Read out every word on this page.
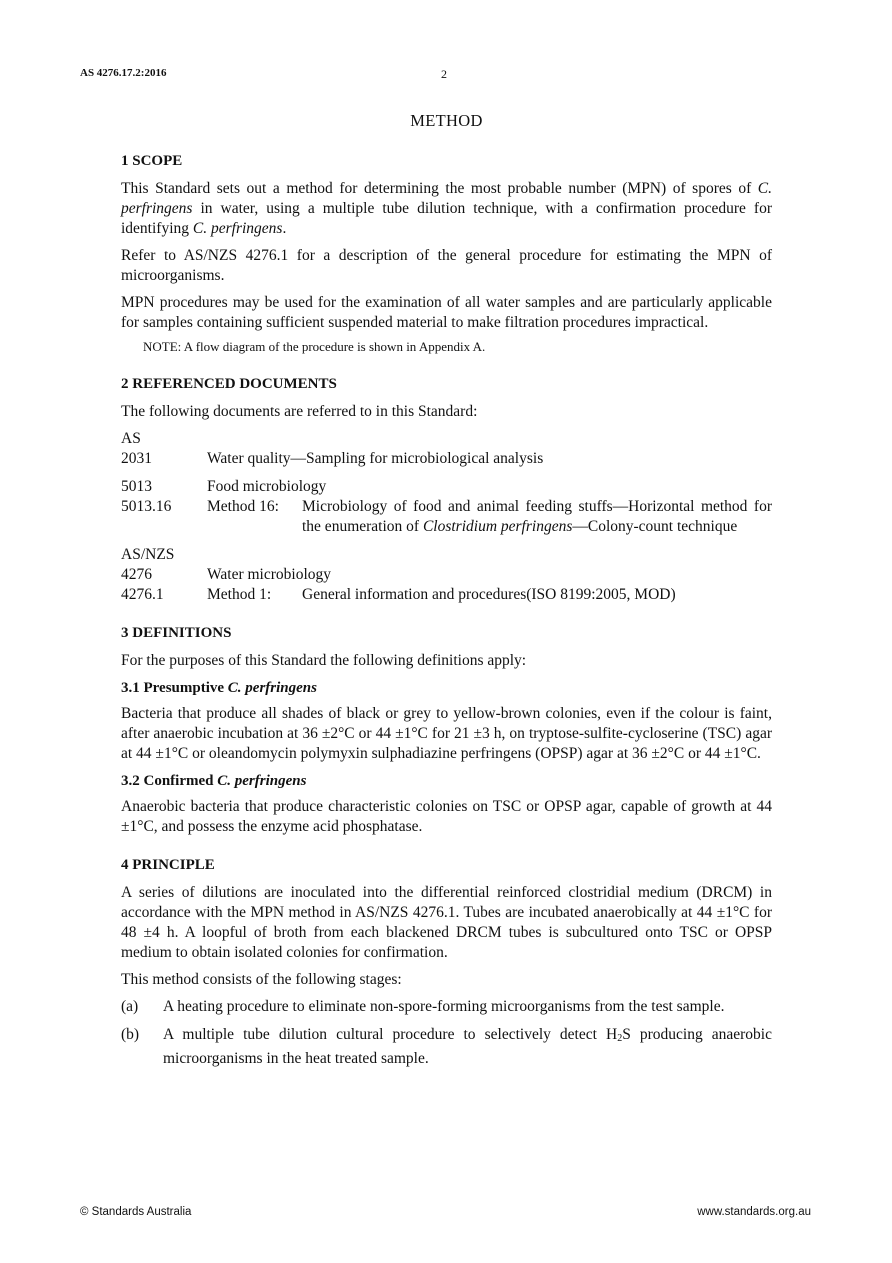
AS 4276.17.2:2016	2
METHOD
1 SCOPE

This Standard sets out a method for determining the most probable number (MPN) of spores of C. perfringens in water, using a multiple tube dilution technique, with a confirmation procedure for identifying C. perfringens.

Refer to AS/NZS 4276.1 for a description of the general procedure for estimating the MPN of microorganisms.

MPN procedures may be used for the examination of all water samples and are particularly applicable for samples containing sufficient suspended material to make filtration procedures impractical.

NOTE: A flow diagram of the procedure is shown in Appendix A.
2 REFERENCED DOCUMENTS

The following documents are referred to in this Standard:

AS
2031	Water quality—Sampling for microbiological analysis
5013	Food microbiology
5013.16	Method 16:	Microbiology of food and animal feeding stuffs—Horizontal method for the enumeration of Clostridium perfringens—Colony-count technique
AS/NZS
4276	Water microbiology
4276.1	Method 1:	General information and procedures(ISO 8199:2005, MOD)
3 DEFINITIONS

For the purposes of this Standard the following definitions apply:

3.1 Presumptive C. perfringens

Bacteria that produce all shades of black or grey to yellow-brown colonies, even if the colour is faint, after anaerobic incubation at 36 ±2°C or 44 ±1°C for 21 ±3 h, on tryptose-sulfite-cycloserine (TSC) agar at 44 ±1°C or oleandomycin polymyxin sulphadiazine perfringens (OPSP) agar at 36 ±2°C or 44 ±1°C.

3.2 Confirmed C. perfringens

Anaerobic bacteria that produce characteristic colonies on TSC or OPSP agar, capable of growth at 44 ±1°C, and possess the enzyme acid phosphatase.

4 PRINCIPLE

A series of dilutions are inoculated into the differential reinforced clostridial medium (DRCM) in accordance with the MPN method in AS/NZS 4276.1. Tubes are incubated anaerobically at 44 ±1°C for 48 ±4 h. A loopful of broth from each blackened DRCM tubes is subcultured onto TSC or OPSP medium to obtain isolated colonies for confirmation.

This method consists of the following stages:

(a)	A heating procedure to eliminate non-spore-forming microorganisms from the test sample.
(b)	A multiple tube dilution cultural procedure to selectively detect $H_2S$ producing anaerobic microorganisms in the heat treated sample.
© Standards Australia	www.standards.org.au
